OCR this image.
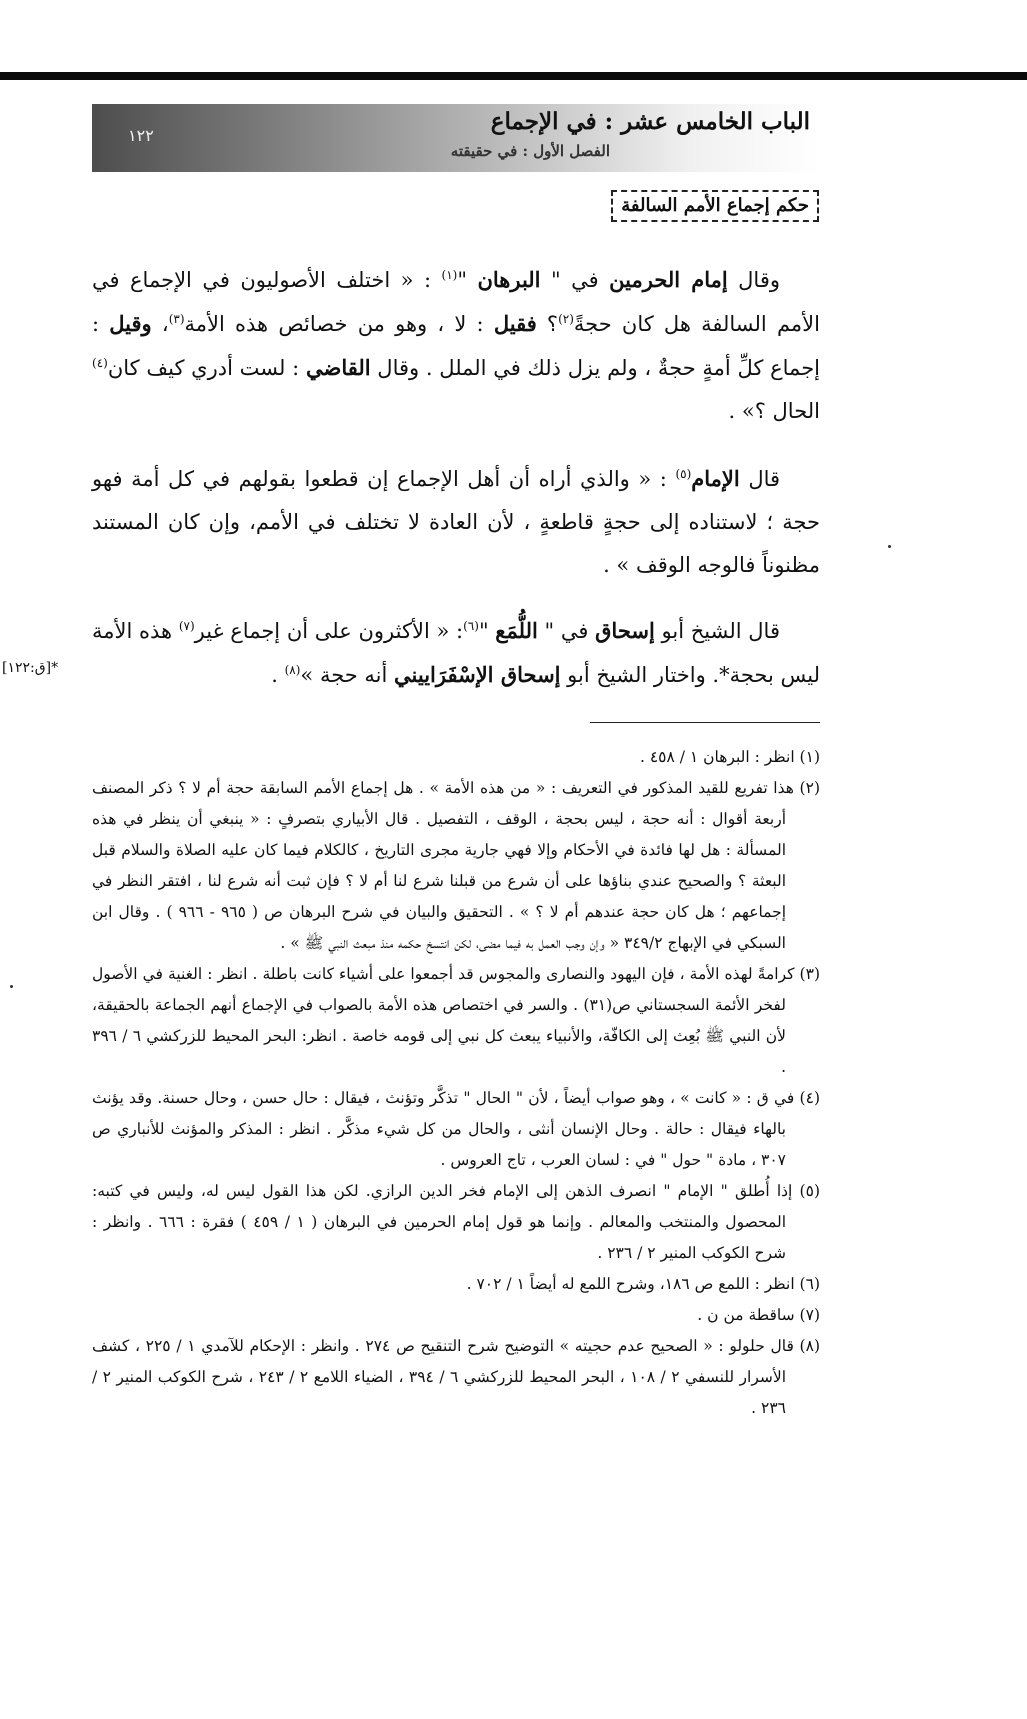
الباب الخامس عشر : في الإجماع
الفصل الأول : في حقيقته
١٢٢
حكم إجماع الأمم السالفة

وقال إمام الحرمين في " البرهان "$^{(١)}$ : « اختلف الأصوليون في الإجماع في الأمم السالفة هل كان حجةً$^{(٢)}$؟ فقيل : لا ، وهو من خصائص هذه الأمة$^{(٣)}$، وقيل : إجماع كلِّ أمةٍ حجةٌ ، ولم يزل ذلك في الملل . وقال القاضي : لست أدري كيف كان$^{(٤)}$ الحال ؟» .

قال الإمام$^{(٥)}$ : « والذي أراه أن أهل الإجماع إن قطعوا بقولهم في كل أمة فهو حجة ؛ لاستناده إلى حجةٍ قاطعةٍ ، لأن العادة لا تختلف في الأمم، وإن كان المستند مظنوناً فالوجه الوقف » .

قال الشيخ أبو إسحاق في " اللُّمَع "$^{(٦)}$: « الأكثرون على أن إجماع غير$^{(٧)}$ هذه الأمة ليس بحجة*. واختار الشيخ أبو إسحاق الإسْفَرَاييني أنه حجة »$^{(٨)}$ .

*[ق:١٢٢]

(١) انظر : البرهان ١ / ٤٥٨ .

(٢) هذا تفريع للقيد المذكور في التعريف : « من هذه الأمة » . هل إجماع الأمم السابقة حجة أم لا ؟ ذكر المصنف أربعة أقوال : أنه حجة ، ليس بحجة ، الوقف ، التفصيل . قال الأبياري بتصرفٍ : « ينبغي أن ينظر في هذه المسألة : هل لها فائدة في الأحكام وإلا فهي جارية مجرى التاريخ ، كالكلام فيما كان عليه الصلاة والسلام قبل البعثة ؟ والصحيح عندي بناؤها على أن شرع من قبلنا شرع لنا أم لا ؟ فإن ثبت أنه شرع لنا ، افتقر النظر في إجماعهم ؛ هل كان حجة عندهم أم لا ؟ » . التحقيق والبيان في شرح البرهان ص ( ٩٦٥ - ٩٦٦ ) . وقال ابن السبكي في الإبهاج ٣٤٩/٢ « وإن وجب العمل به فيما مضى، لكن انتسخ حكمه منذ مبعث النبي ﷺ » .

(٣) كرامةً لهذه الأمة ، فإن اليهود والنصارى والمجوس قد أجمعوا على أشياء كانت باطلة . انظر : الغنية في الأصول لفخر الأئمة السجستاني ص(٣١) . والسر في اختصاص هذه الأمة بالصواب في الإجماع أنهم الجماعة بالحقيقة، لأن النبي ﷺ بُعِث إلى الكافّة، والأنبياء يبعث كل نبي إلى قومه خاصة . انظر: البحر المحيط للزركشي ٦ / ٣٩٦ .

(٤) في ق : « كانت » ، وهو صواب أيضاً ، لأن " الحال " تذكَّر وتؤنث ، فيقال : حال حسن ، وحال حسنة. وقد يؤنث بالهاء فيقال : حالة . وحال الإنسان أنثى ، والحال من كل شيء مذكَّر . انظر : المذكر والمؤنث للأنباري ص ٣٠٧ ، مادة " حول " في : لسان العرب ، تاج العروس .

(٥) إذا أُطلق " الإمام " انصرف الذهن إلى الإمام فخر الدين الرازي. لكن هذا القول ليس له، وليس في كتبه: المحصول والمنتخب والمعالم . وإنما هو قول إمام الحرمين في البرهان ( ١ / ٤٥٩ ) فقرة : ٦٦٦ . وانظر : شرح الكوكب المنير ٢ / ٢٣٦ .

(٦) انظر : اللمع ص ١٨٦، وشرح اللمع له أيضاً ١ / ٧٠٢ .

(٧) ساقطة من ن .

(٨) قال حلولو : « الصحيح عدم حجيته » التوضيح شرح التنقيح ص ٢٧٤ . وانظر : الإحكام للآمدي ١ / ٢٢٥ ، كشف الأسرار للنسفي ٢ / ١٠٨ ، البحر المحيط للزركشي ٦ / ٣٩٤ ، الضياء اللامع ٢ / ٢٤٣ ، شرح الكوكب المنير ٢ / ٢٣٦ .
